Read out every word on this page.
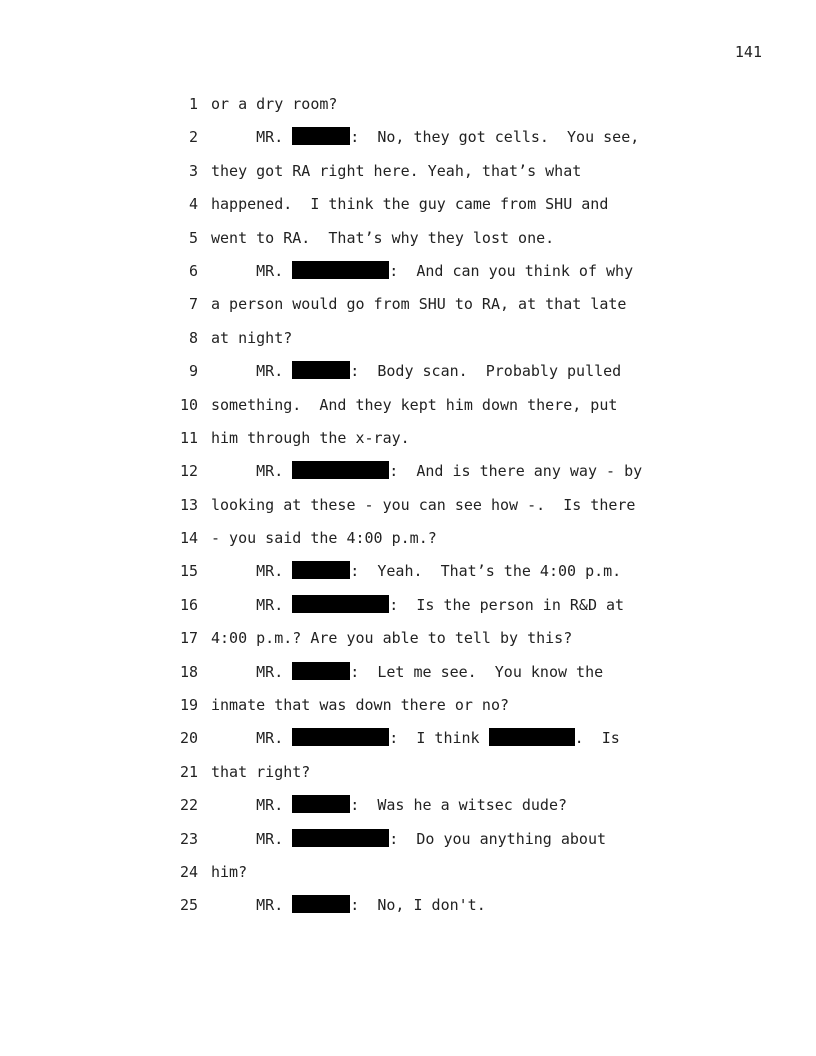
141
1 or a dry room?
2 MR.	:  No, they got cells.  You see,
3 they got RA right here. Yeah, that’s what
4 happened.  I think the guy came from SHU and
5 went to RA.  That’s why they lost one.
6 MR.	:  And can you think of why
7 a person would go from SHU to RA, at that late
8 at night?
9 MR.	:  Body scan.  Probably pulled
10 something.  And they kept him down there, put
11 him through the x-ray.
12 MR.	:  And is there any way - by
13 looking at these - you can see how -.  Is there
14 - you said the 4:00 p.m.?
15 MR.	:  Yeah.  That’s the 4:00 p.m.
16 MR.	:  Is the person in R&D at
17 4:00 p.m.? Are you able to tell by this?
18 MR.	:  Let me see.  You know the
19 inmate that was down there or no?
20 MR.	:  I think	.  Is
21 that right?
22 MR.	:  Was he a witsec dude?
23 MR.	:  Do you anything about
24 him?
25 MR.	:  No, I don't.
